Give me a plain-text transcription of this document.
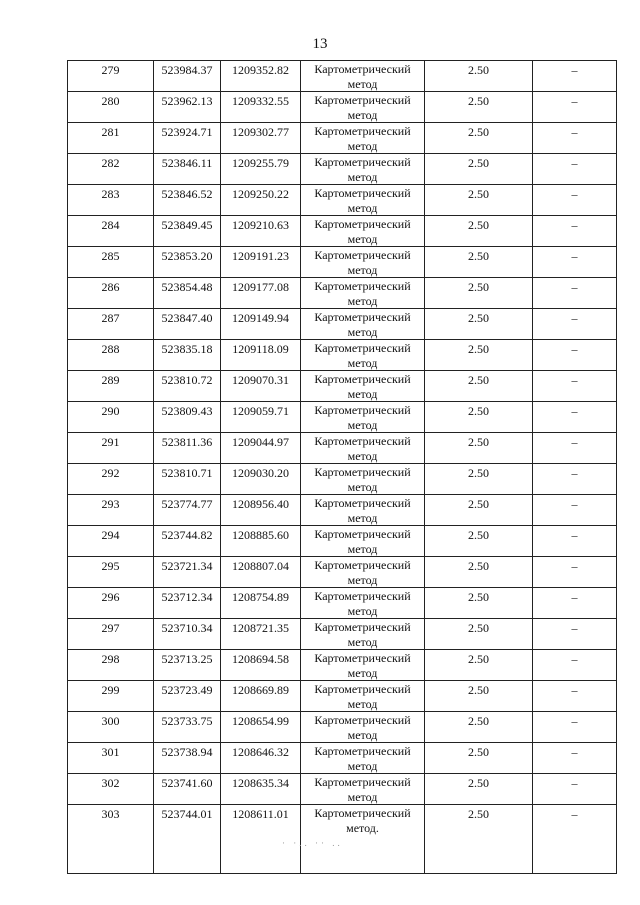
13
279	523984.37	1209352.82	Картометрический метод	2.50	–

280	523962.13	1209332.55	Картометрический метод	2.50	–

281	523924.71	1209302.77	Картометрический метод	2.50	–

282	523846.11	1209255.79	Картометрический метод	2.50	–

283	523846.52	1209250.22	Картометрический метод	2.50	–

284	523849.45	1209210.63	Картометрический метод	2.50	–

285	523853.20	1209191.23	Картометрический метод	2.50	–

286	523854.48	1209177.08	Картометрический метод	2.50	–

287	523847.40	1209149.94	Картометрический метод	2.50	–

288	523835.18	1209118.09	Картометрический метод	2.50	–

289	523810.72	1209070.31	Картометрический метод	2.50	–

290	523809.43	1209059.71	Картометрический метод	2.50	–

291	523811.36	1209044.97	Картометрический метод	2.50	–

292	523810.71	1209030.20	Картометрический метод	2.50	–

293	523774.77	1208956.40	Картометрический метод	2.50	–

294	523744.82	1208885.60	Картометрический метод	2.50	–

295	523721.34	1208807.04	Картометрический метод	2.50	–

296	523712.34	1208754.89	Картометрический метод	2.50	–

297	523710.34	1208721.35	Картометрический метод	2.50	–

298	523713.25	1208694.58	Картометрический метод	2.50	–

299	523723.49	1208669.89	Картометрический метод	2.50	–

300	523733.75	1208654.99	Картометрический метод	2.50	–

301	523738.94	1208646.32	Картометрический метод	2.50	–

302	523741.60	1208635.34	Картометрический метод	2.50	–

303	523744.01	1208611.01	Картометрический метод.	2.50	–
· ·.. ·· ..
